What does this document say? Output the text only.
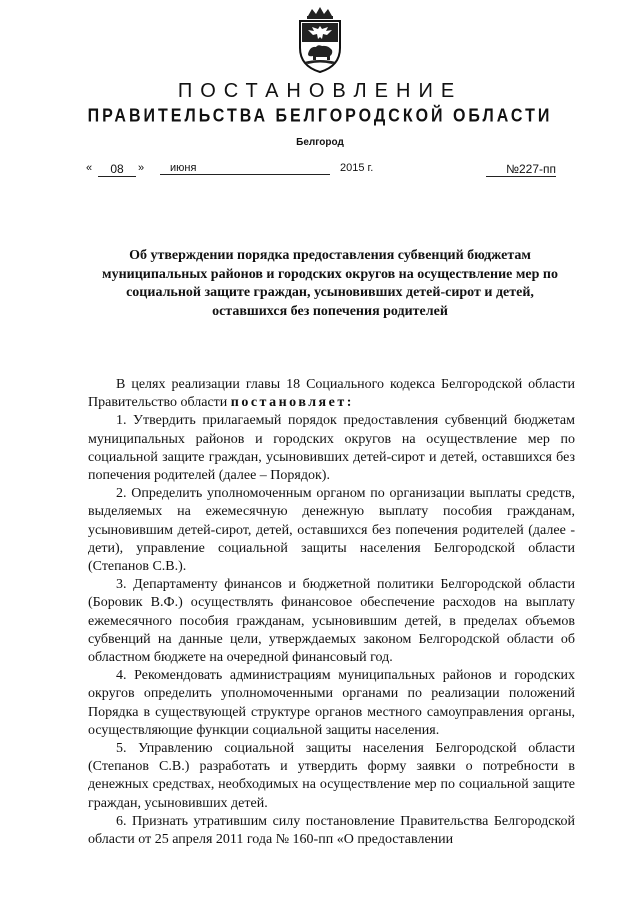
ПОСТАНОВЛЕНИЕ
ПРАВИТЕЛЬСТВА БЕЛГОРОДСКОЙ ОБЛАСТИ
Белгород
«	08	»	июня	2015 г.	№227-пп
Об утверждении порядка предоставления субвенций бюджетам
муниципальных районов и городских округов на осуществление мер по
социальной защите граждан, усыновивших детей-сирот и детей,
оставшихся без попечения родителей

В целях реализации главы 18 Социального кодекса Белгородской области Правительство области постановляет:

1. Утвердить прилагаемый порядок предоставления субвенций бюджетам муниципальных районов и городских округов на осуществление мер по социальной защите граждан, усыновивших детей-сирот и детей, оставшихся без попечения родителей (далее – Порядок).

2. Определить уполномоченным органом по организации выплаты средств, выделяемых на ежемесячную денежную выплату пособия гражданам, усыновившим детей-сирот, детей, оставшихся без попечения родителей (далее - дети), управление социальной защиты населения Белгородской области (Степанов С.В.).

3. Департаменту финансов и бюджетной политики Белгородской области (Боровик В.Ф.) осуществлять финансовое обеспечение расходов на выплату ежемесячного пособия гражданам, усыновившим детей, в пределах объемов субвенций на данные цели, утверждаемых законом Белгородской области об областном бюджете на очередной финансовый год.

4. Рекомендовать администрациям муниципальных районов и городских округов определить уполномоченными органами по реализации положений Порядка в существующей структуре органов местного самоуправления органы, осуществляющие функции социальной защиты населения.

5. Управлению социальной защиты населения Белгородской области (Степанов С.В.) разработать и утвердить форму заявки о потребности в денежных средствах, необходимых на осуществление мер по социальной защите граждан, усыновивших детей.

6. Признать утратившим силу постановление Правительства Белгородской области от 25 апреля 2011 года № 160-пп «О предоставлении
